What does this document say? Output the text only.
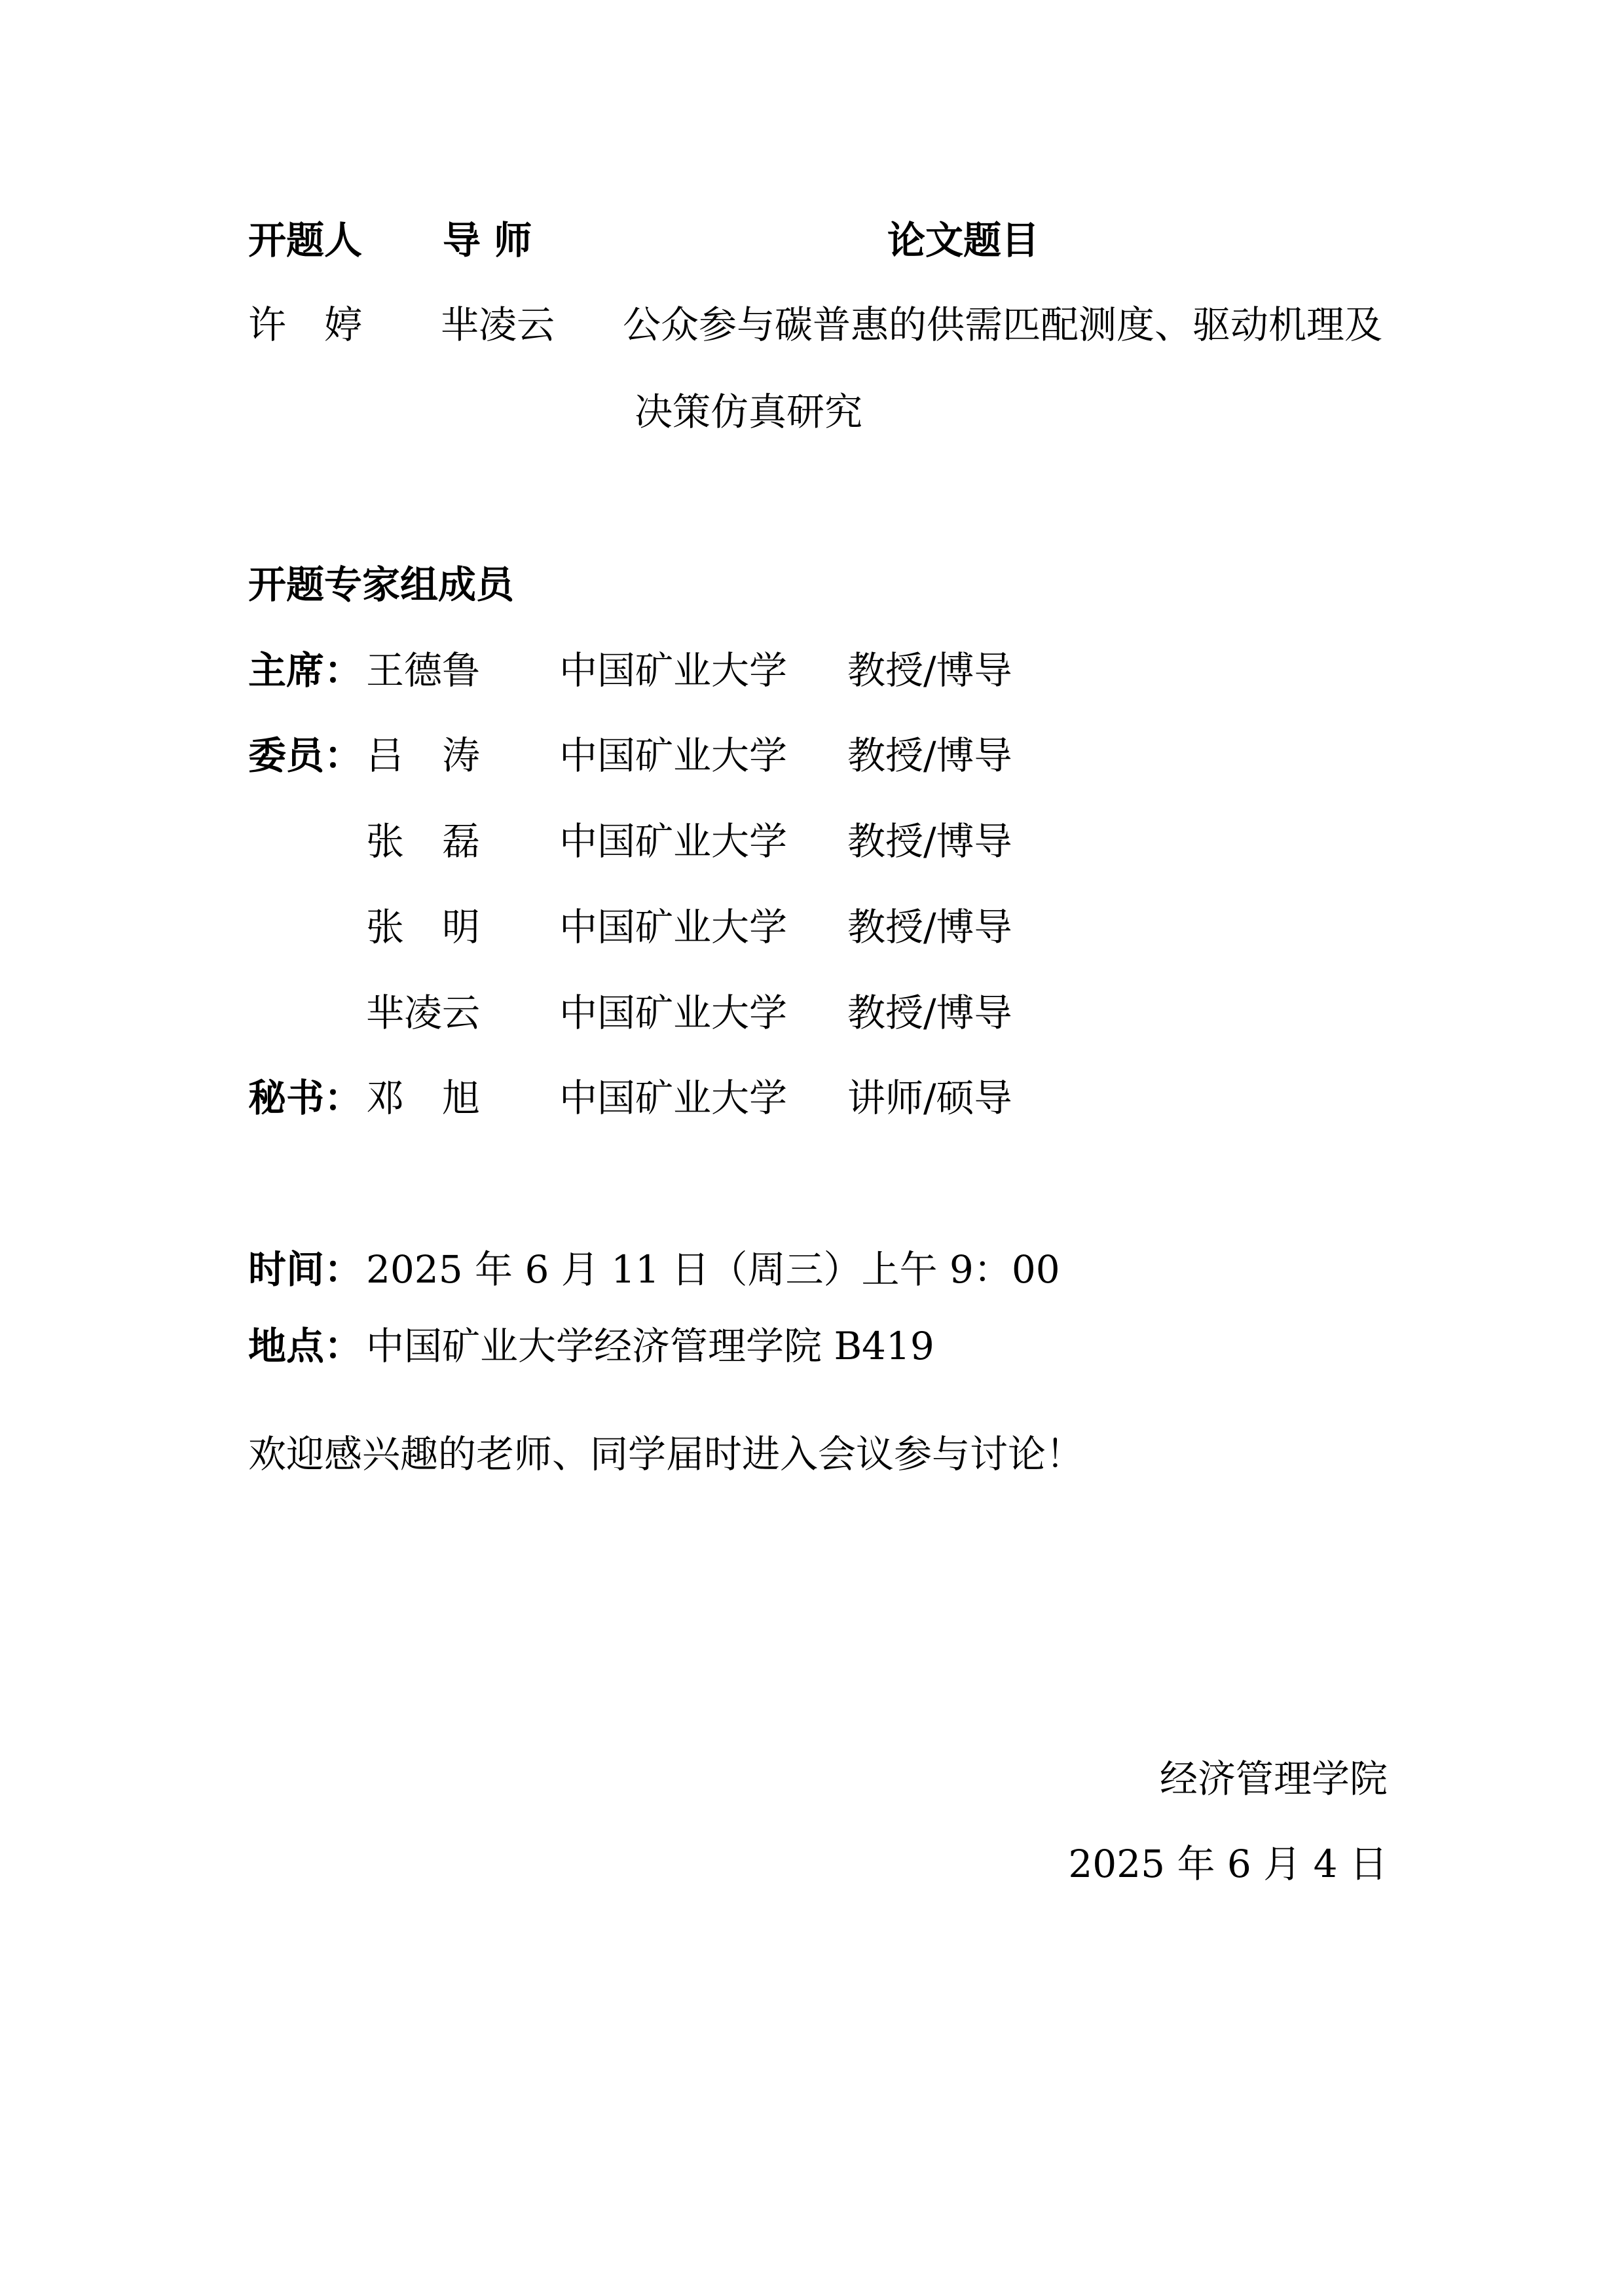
开题人 导 师	论文题目
许　婷 芈凌云 公众参与碳普惠的供需匹配测度、驱动机理及
决策仿真研究
开题专家组成员
主席： 王德鲁 中国矿业大学 教授/博导
委员： 吕　涛 中国矿业大学 教授/博导
张　磊 中国矿业大学 教授/博导
张　明 中国矿业大学 教授/博导
芈凌云 中国矿业大学 教授/博导
秘书： 邓　旭 中国矿业大学 讲师/硕导
时间： 2025 年 6 月 11 日（周三）上午 9：00
地点： 中国矿业大学经济管理学院 B419
欢迎感兴趣的老师、同学届时进入会议参与讨论！
经济管理学院
2025 年 6 月 4 日
